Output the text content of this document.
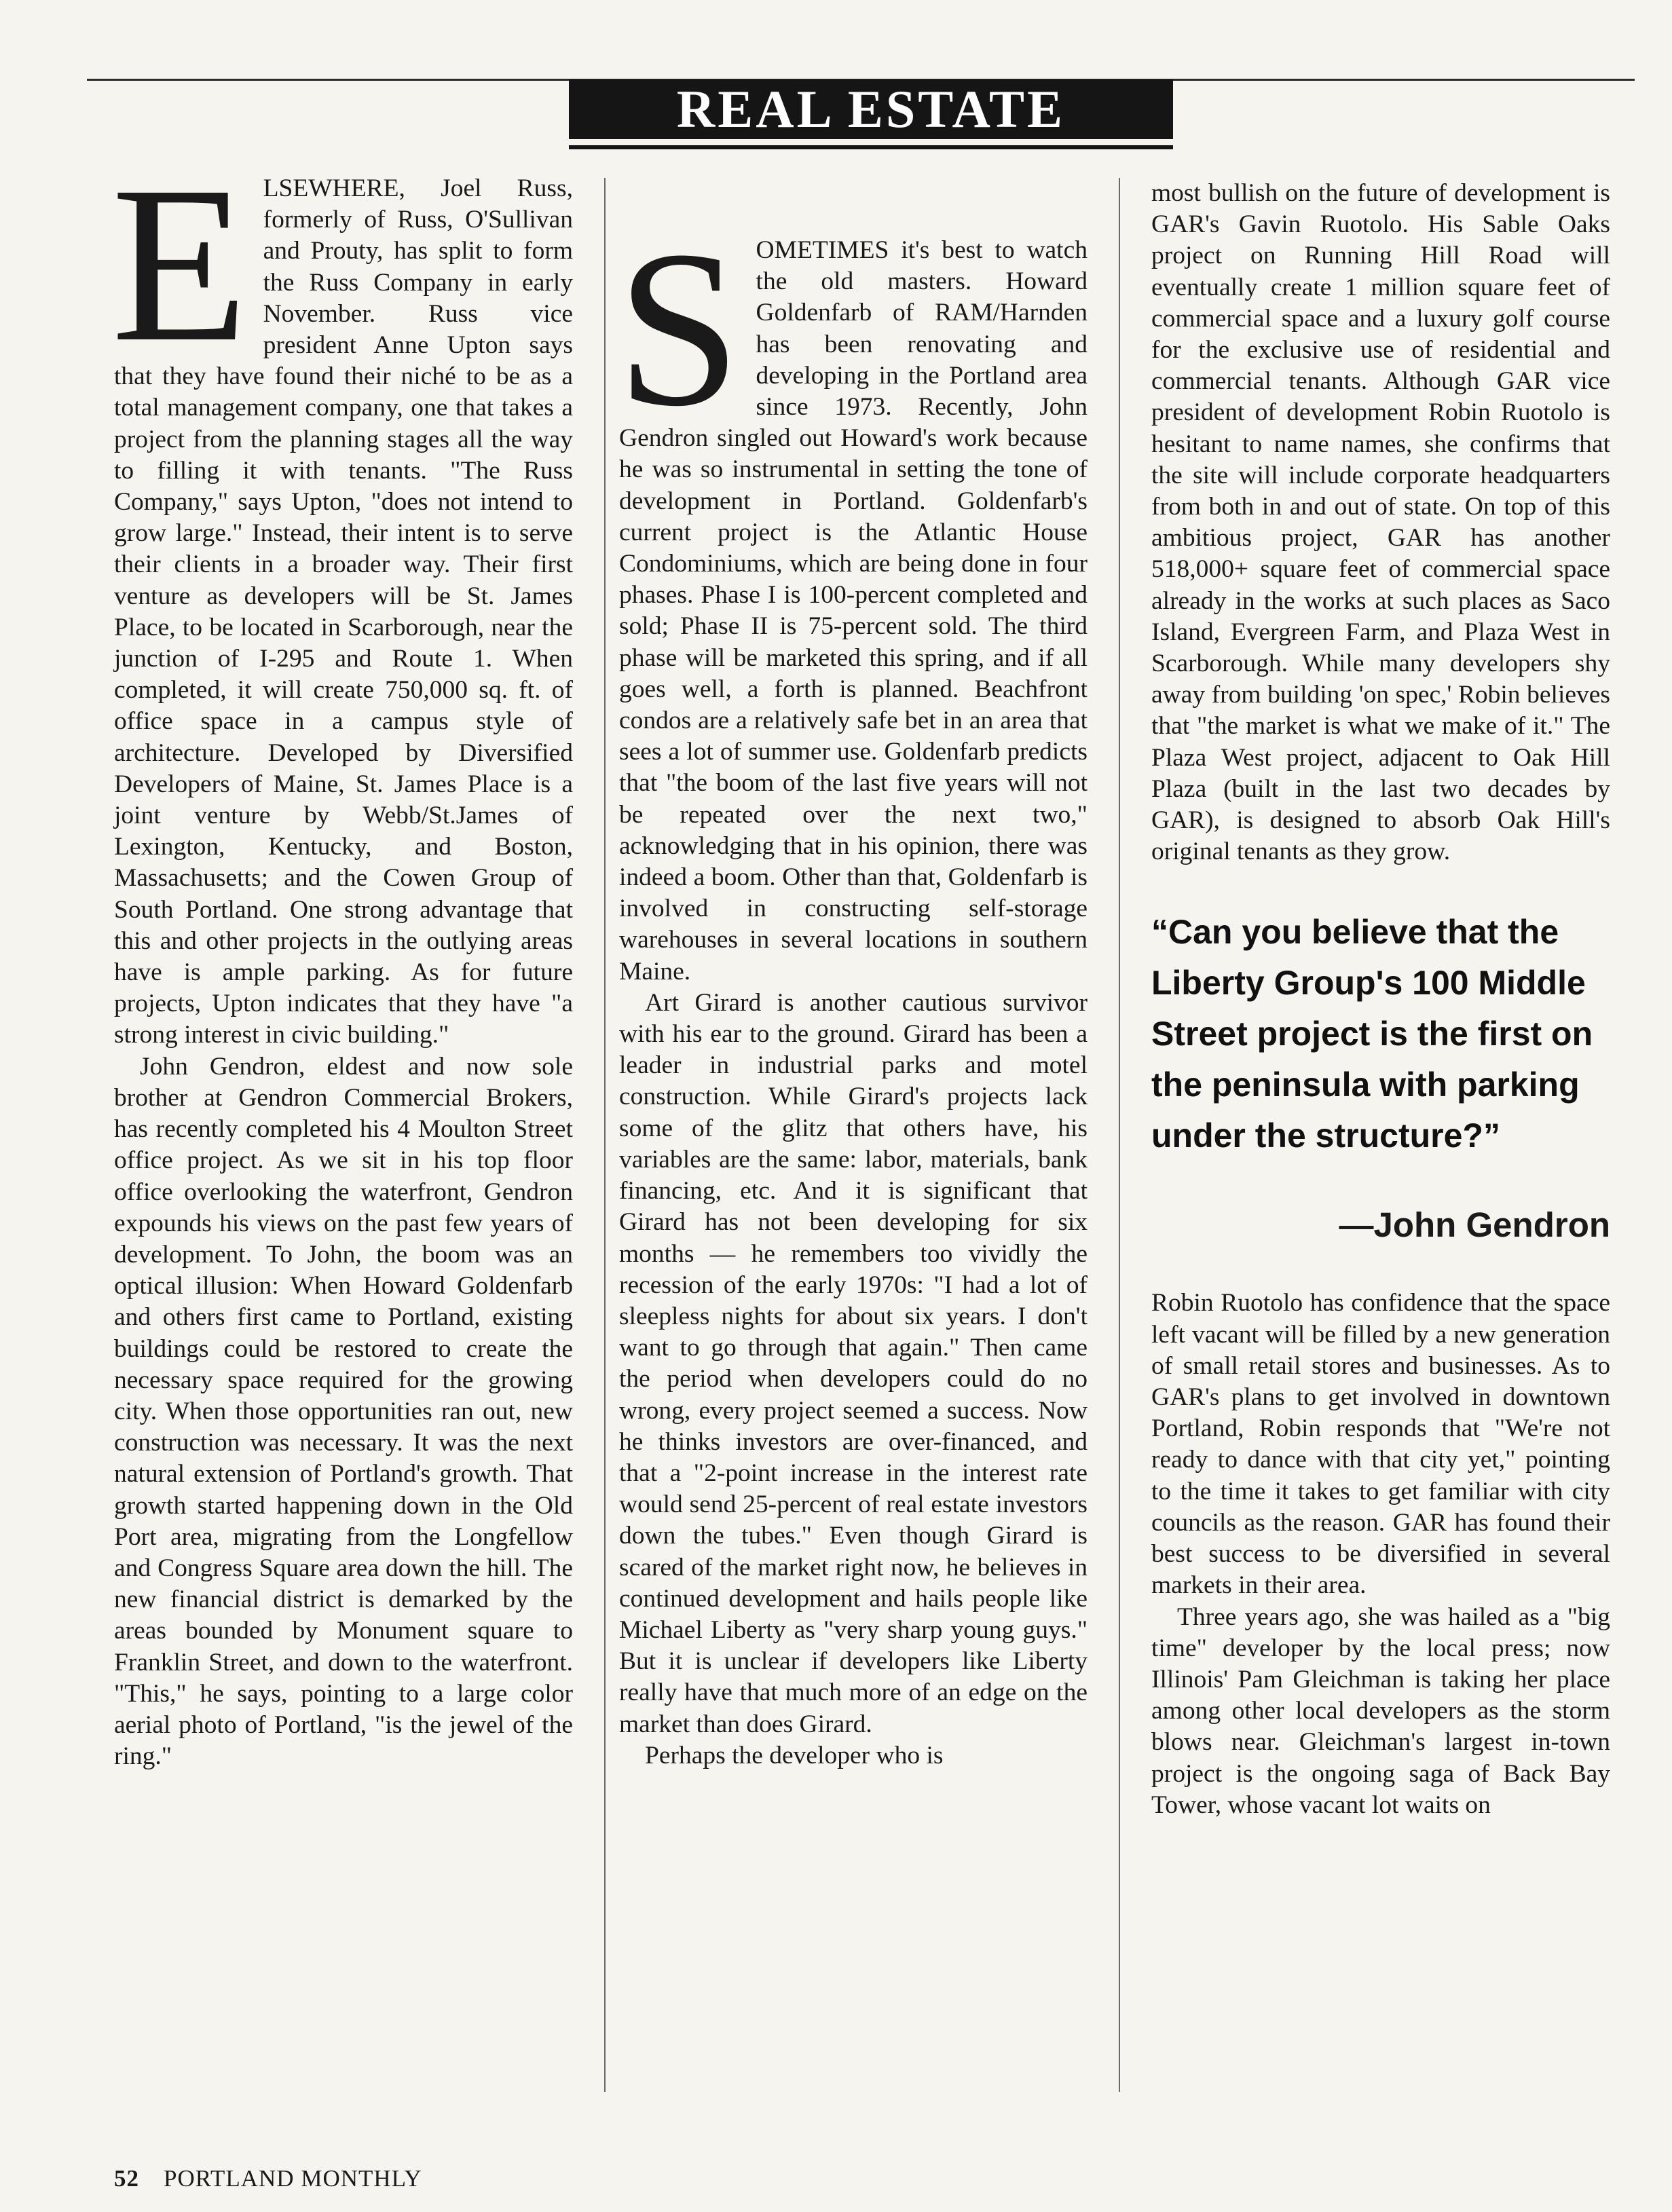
REAL ESTATE

ELSEWHERE, Joel Russ, formerly of Russ, O'Sullivan and Prouty, has split to form the Russ Company in early November. Russ vice president Anne Upton says that they have found their niché to be as a total management company, one that takes a project from the planning stages all the way to filling it with tenants. "The Russ Company," says Upton, "does not intend to grow large." Instead, their intent is to serve their clients in a broader way. Their first venture as developers will be St. James Place, to be located in Scarborough, near the junction of I-295 and Route 1. When completed, it will create 750,000 sq. ft. of office space in a campus style of architecture. Developed by Diversified Developers of Maine, St. James Place is a joint venture by Webb/St.James of Lexington, Kentucky, and Boston, Massachusetts; and the Cowen Group of South Portland. One strong advantage that this and other projects in the outlying areas have is ample parking. As for future projects, Upton indicates that they have "a strong interest in civic building."

John Gendron, eldest and now sole brother at Gendron Commercial Brokers, has recently completed his 4 Moulton Street office project. As we sit in his top floor office overlooking the waterfront, Gendron expounds his views on the past few years of development. To John, the boom was an optical illusion: When Howard Goldenfarb and others first came to Portland, existing buildings could be restored to create the necessary space required for the growing city. When those opportunities ran out, new construction was necessary. It was the next natural extension of Portland's growth. That growth started happening down in the Old Port area, migrating from the Longfellow and Congress Square area down the hill. The new financial district is demarked by the areas bounded by Monument square to Franklin Street, and down to the waterfront. "This," he says, pointing to a large color aerial photo of Portland, "is the jewel of the ring."

SOMETIMES it's best to watch the old masters. Howard Goldenfarb of RAM/Harnden has been renovating and developing in the Portland area since 1973. Recently, John Gendron singled out Howard's work because he was so instrumental in setting the tone of development in Portland. Goldenfarb's current project is the Atlantic House Condominiums, which are being done in four phases. Phase I is 100-percent completed and sold; Phase II is 75-percent sold. The third phase will be marketed this spring, and if all goes well, a forth is planned. Beachfront condos are a relatively safe bet in an area that sees a lot of summer use. Goldenfarb predicts that "the boom of the last five years will not be repeated over the next two," acknowledging that in his opinion, there was indeed a boom. Other than that, Goldenfarb is involved in constructing self-storage warehouses in several locations in southern Maine.

Art Girard is another cautious survivor with his ear to the ground. Girard has been a leader in industrial parks and motel construction. While Girard's projects lack some of the glitz that others have, his variables are the same: labor, materials, bank financing, etc. And it is significant that Girard has not been developing for six months — he remembers too vividly the recession of the early 1970s: "I had a lot of sleepless nights for about six years. I don't want to go through that again." Then came the period when developers could do no wrong, every project seemed a success. Now he thinks investors are over-financed, and that a "2-point increase in the interest rate would send 25-percent of real estate investors down the tubes." Even though Girard is scared of the market right now, he believes in continued development and hails people like Michael Liberty as "very sharp young guys." But it is unclear if developers like Liberty really have that much more of an edge on the market than does Girard.

Perhaps the developer who is

most bullish on the future of development is GAR's Gavin Ruotolo. His Sable Oaks project on Running Hill Road will eventually create 1 million square feet of commercial space and a luxury golf course for the exclusive use of residential and commercial tenants. Although GAR vice president of development Robin Ruotolo is hesitant to name names, she confirms that the site will include corporate headquarters from both in and out of state. On top of this ambitious project, GAR has another 518,000+ square feet of commercial space already in the works at such places as Saco Island, Evergreen Farm, and Plaza West in Scarborough. While many developers shy away from building 'on spec,' Robin believes that "the market is what we make of it." The Plaza West project, adjacent to Oak Hill Plaza (built in the last two decades by GAR), is designed to absorb Oak Hill's original tenants as they grow.

“Can you believe that the Liberty Group's 100 Middle Street project is the first on the peninsula with parking under the structure?”
—John Gendron

Robin Ruotolo has confidence that the space left vacant will be filled by a new generation of small retail stores and businesses. As to GAR's plans to get involved in downtown Portland, Robin responds that "We're not ready to dance with that city yet," pointing to the time it takes to get familiar with city councils as the reason. GAR has found their best success to be diversified in several markets in their area.

Three years ago, she was hailed as a "big time" developer by the local press; now Illinois' Pam Gleichman is taking her place among other local developers as the storm blows near. Gleichman's largest in-town project is the ongoing saga of Back Bay Tower, whose vacant lot waits on

52 PORTLAND MONTHLY
